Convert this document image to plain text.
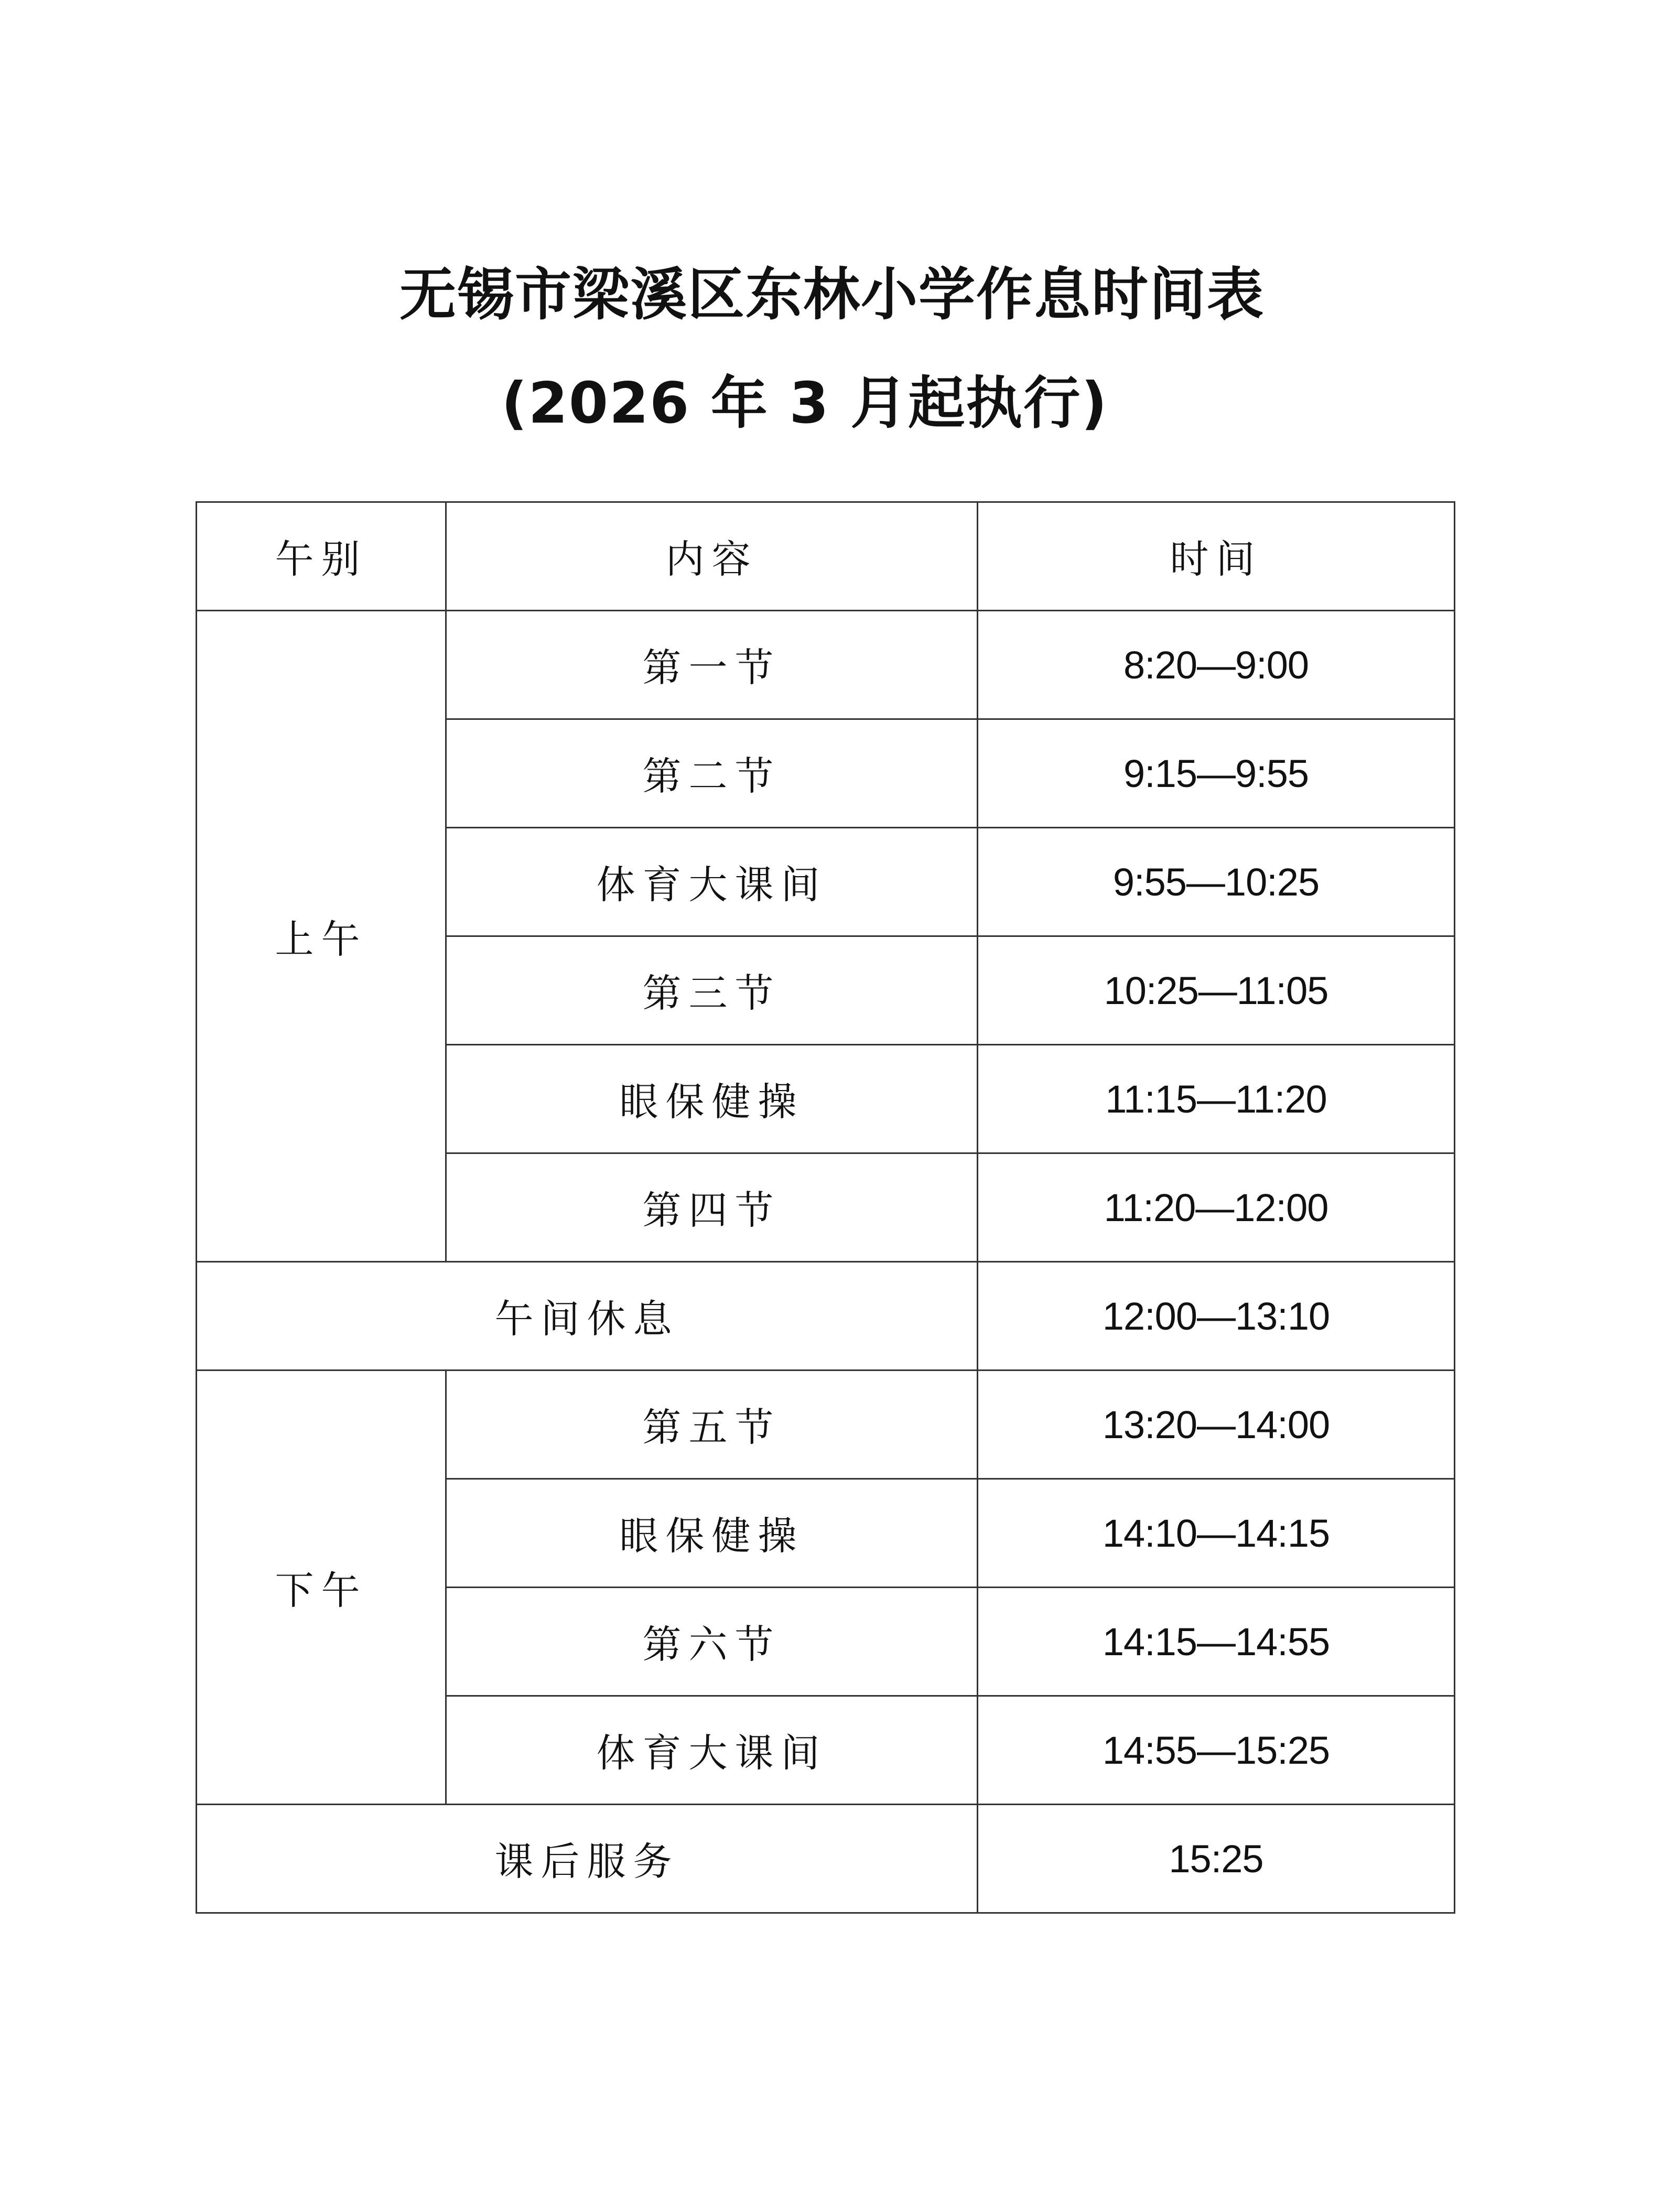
无锡市梁溪区东林小学作息时间表
(2026 年 3 月起执行)
午别	内容	时间
上午	第一节	8:20—9:00
	第二节	9:15—9:55
	体育大课间	9:55—10:25
	第三节	10:25—11:05
	眼保健操	11:15—11:20
	第四节	11:20—12:00
午间休息		12:00—13:10
下午	第五节	13:20—14:00
	眼保健操	14:10—14:15
	第六节	14:15—14:55
	体育大课间	14:55—15:25
课后服务		15:25
